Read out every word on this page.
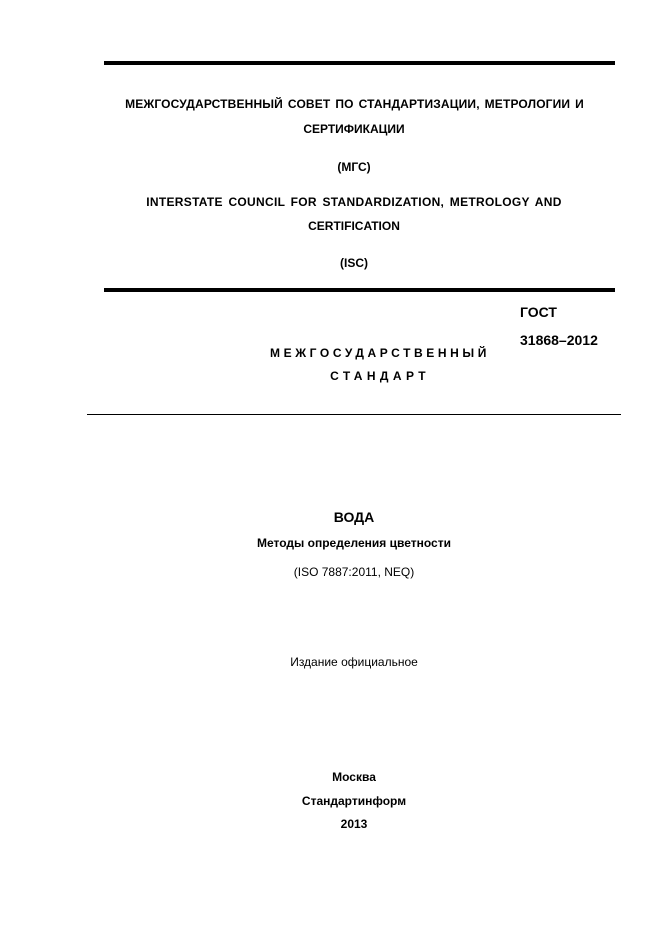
МЕЖГОСУДАРСТВЕННЫЙ СОВЕТ ПО СТАНДАРТИЗАЦИИ, МЕТРОЛОГИИ И
СЕРТИФИКАЦИИ
(МГС)
INTERSTATE COUNCIL FOR STANDARDIZATION, METROLOGY AND
CERTIFICATION
(ISC)
ГОСТ
31868–2012
МЕЖГОСУДАРСТВЕННЫЙ
СТАНДАРТ
ВОДА
Методы определения цветности
(ISO 7887:2011, NEQ)
Издание официальное
Москва
Стандартинформ
2013
